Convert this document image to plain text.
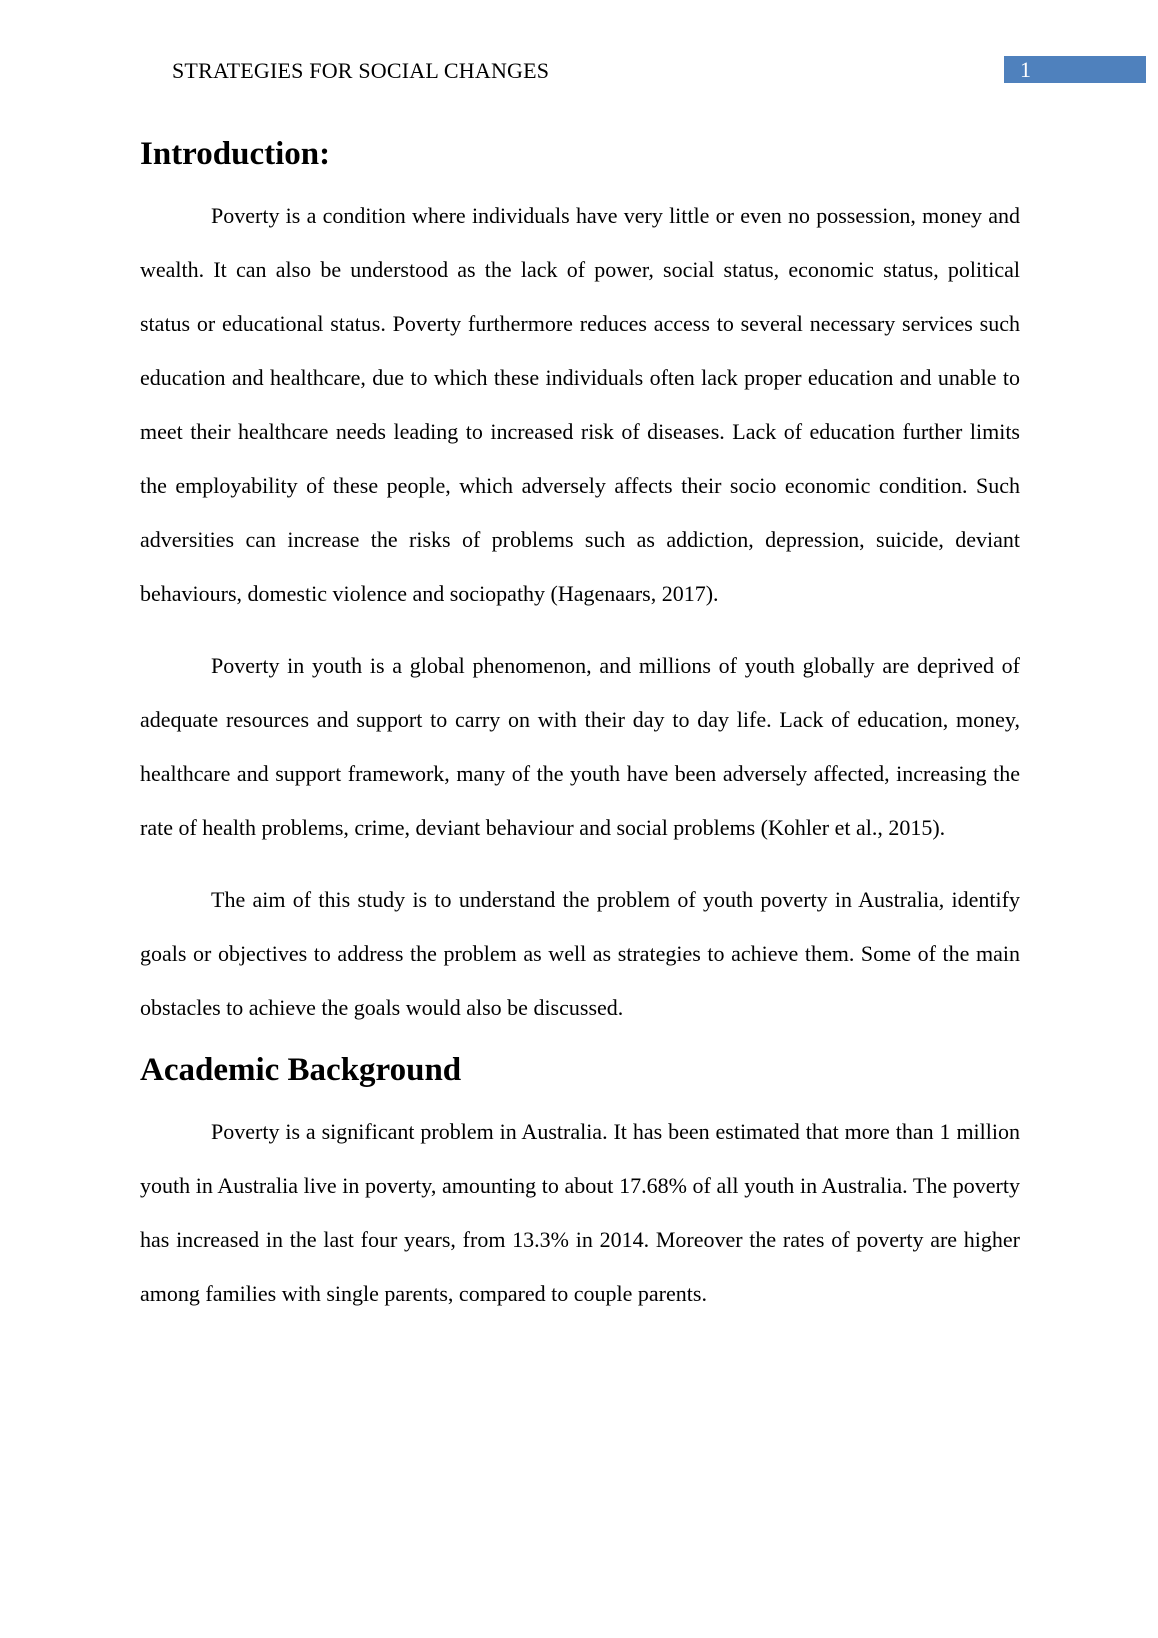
STRATEGIES FOR SOCIAL CHANGES	1
Introduction:

Poverty is a condition where individuals have very little or even no possession, money and wealth. It can also be understood as the lack of power, social status, economic status, political status or educational status. Poverty furthermore reduces access to several necessary services such education and healthcare, due to which these individuals often lack proper education and unable to meet their healthcare needs leading to increased risk of diseases. Lack of education further limits the employability of these people, which adversely affects their socio economic condition. Such adversities can increase the risks of problems such as addiction, depression, suicide, deviant behaviours, domestic violence and sociopathy (Hagenaars, 2017).

Poverty in youth is a global phenomenon, and millions of youth globally are deprived of adequate resources and support to carry on with their day to day life. Lack of education, money, healthcare and support framework, many of the youth have been adversely affected, increasing the rate of health problems, crime, deviant behaviour and social problems (Kohler et al., 2015).

The aim of this study is to understand the problem of youth poverty in Australia, identify goals or objectives to address the problem as well as strategies to achieve them. Some of the main obstacles to achieve the goals would also be discussed.

Academic Background

Poverty is a significant problem in Australia. It has been estimated that more than 1 million youth in Australia live in poverty, amounting to about 17.68% of all youth in Australia. The poverty has increased in the last four years, from 13.3% in 2014. Moreover the rates of poverty are higher among families with single parents, compared to couple parents.
